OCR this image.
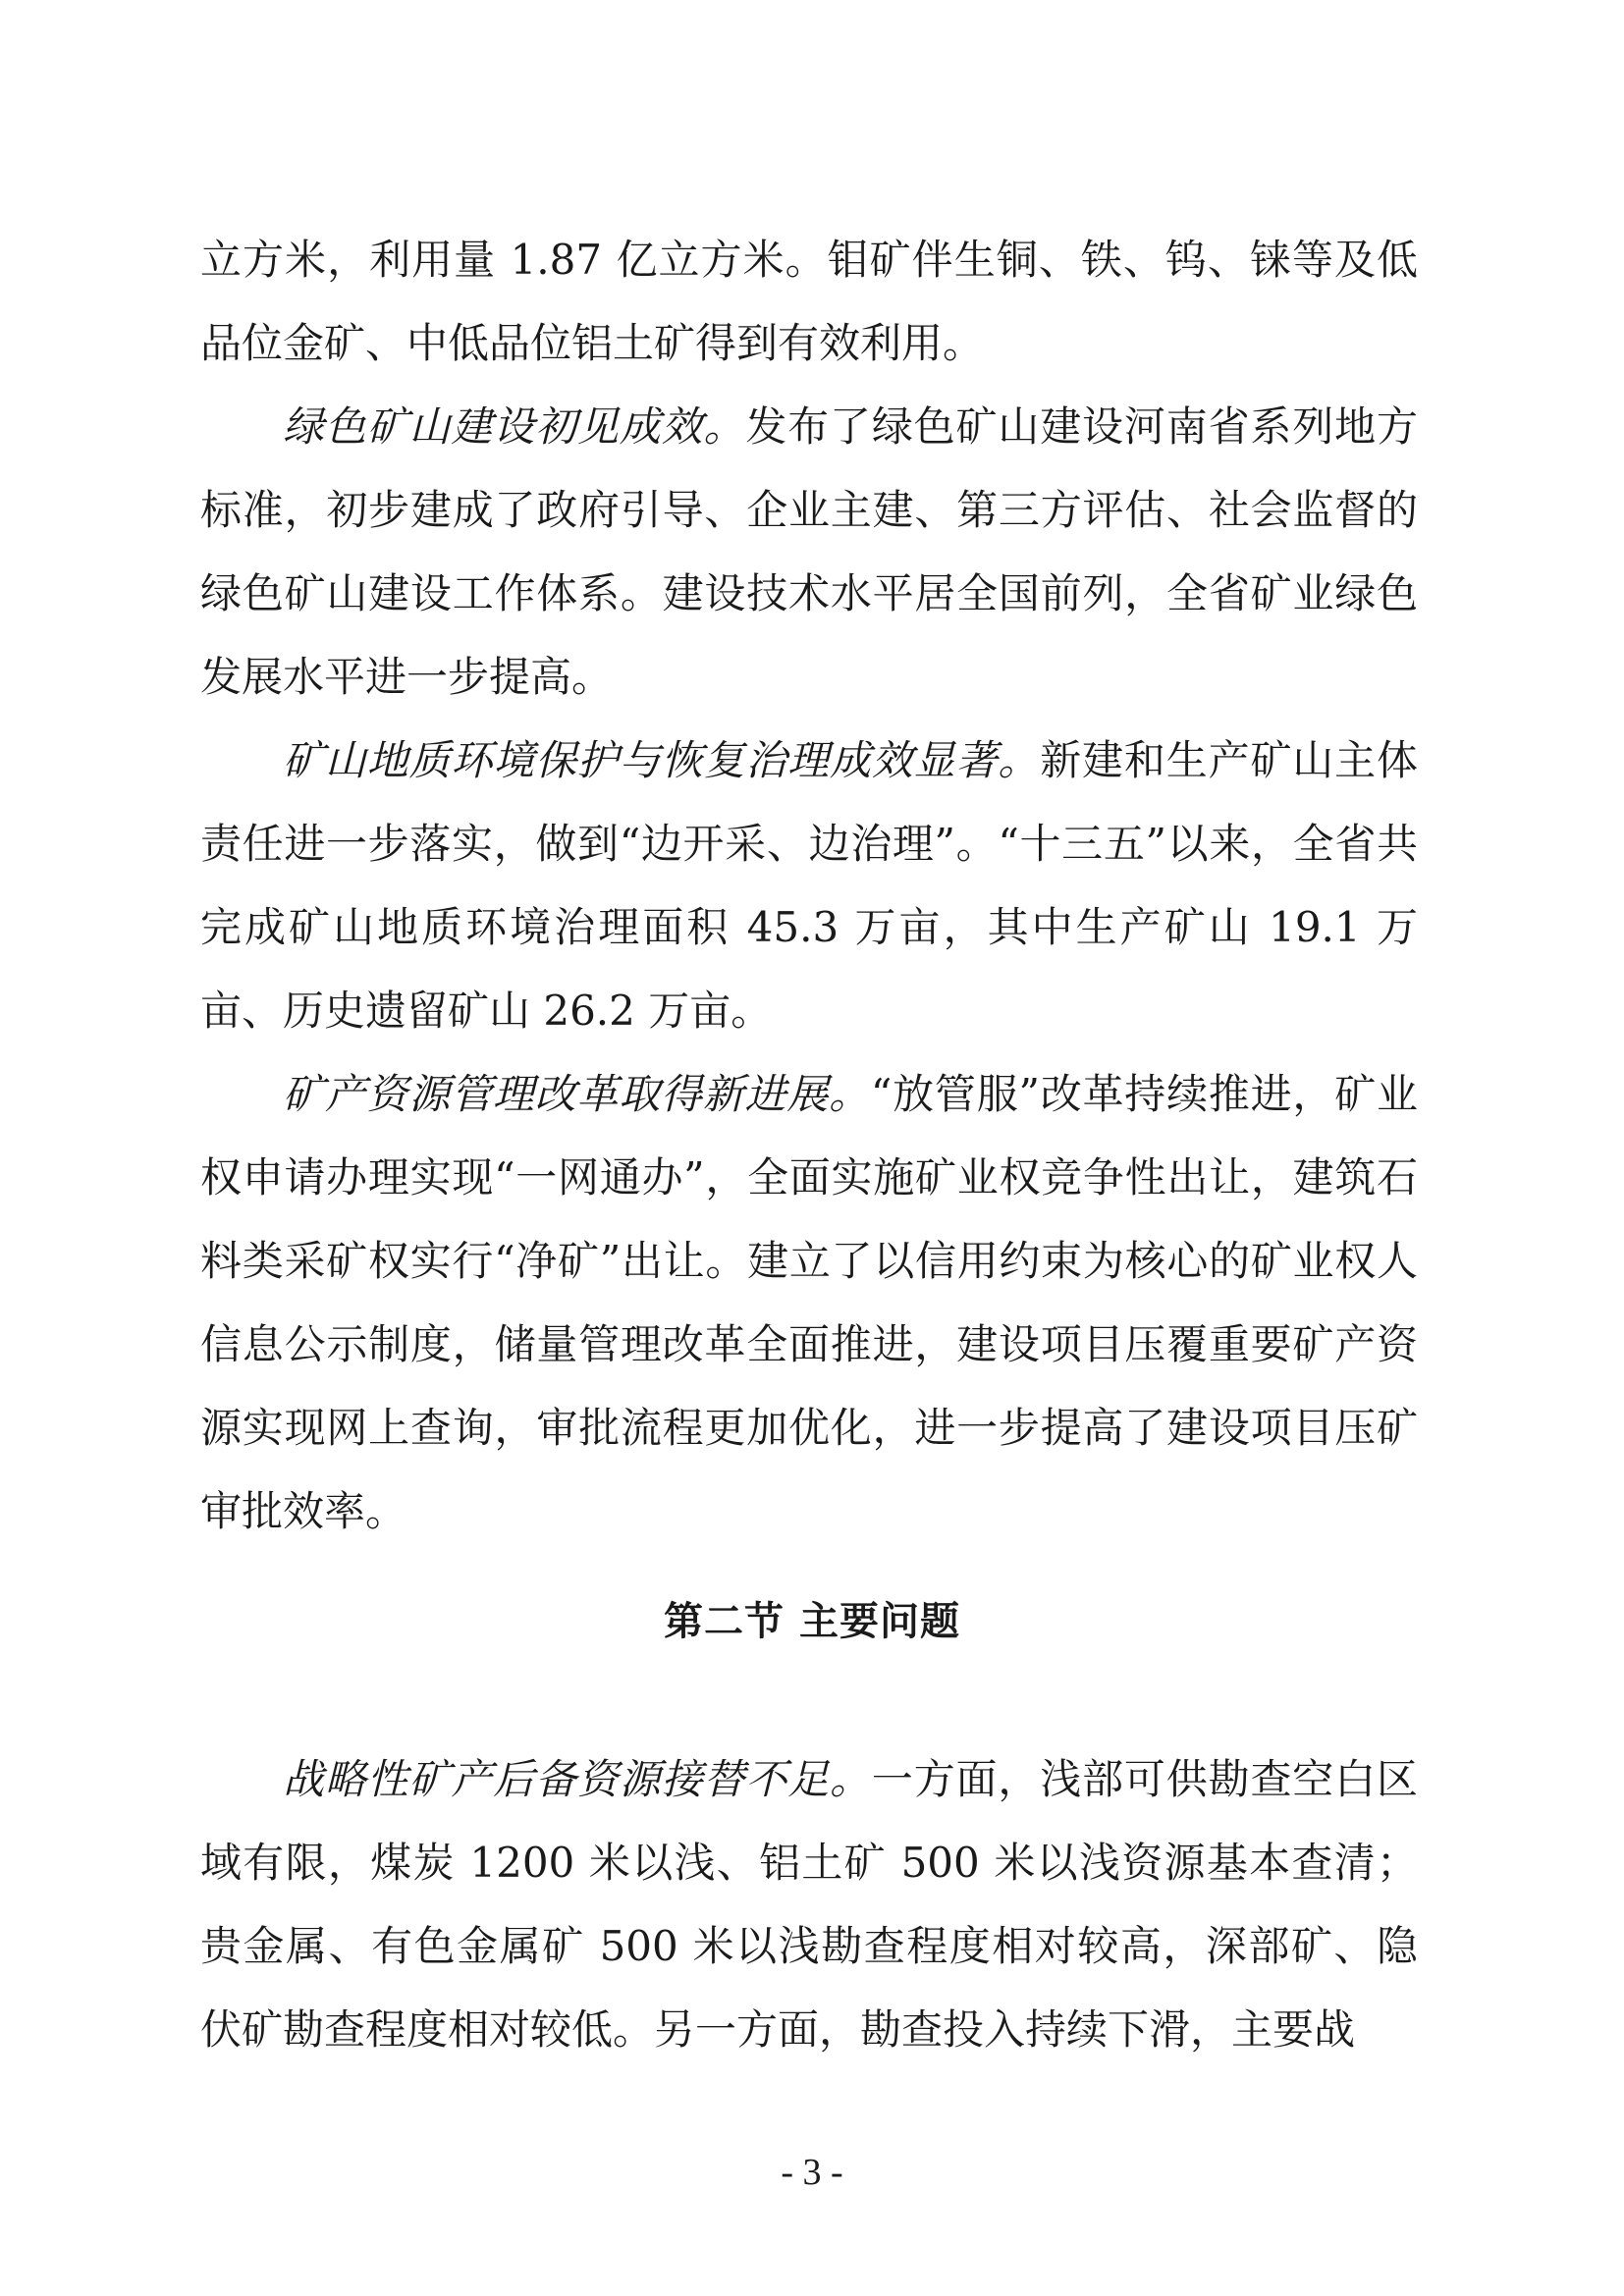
立方米，利用量 1.87 亿立方米。钼矿伴生铜、铁、钨、铼等及低品位金矿、中低品位铝土矿得到有效利用。

绿色矿山建设初见成效。发布了绿色矿山建设河南省系列地方标准，初步建成了政府引导、企业主建、第三方评估、社会监督的绿色矿山建设工作体系。建设技术水平居全国前列，全省矿业绿色发展水平进一步提高。

矿山地质环境保护与恢复治理成效显著。新建和生产矿山主体责任进一步落实，做到“边开采、边治理”。“十三五”以来，全省共完成矿山地质环境治理面积 45.3 万亩，其中生产矿山 19.1 万亩、历史遗留矿山 26.2 万亩。

矿产资源管理改革取得新进展。“放管服”改革持续推进，矿业权申请办理实现“一网通办”，全面实施矿业权竞争性出让，建筑石料类采矿权实行“净矿”出让。建立了以信用约束为核心的矿业权人信息公示制度，储量管理改革全面推进，建设项目压覆重要矿产资源实现网上查询，审批流程更加优化，进一步提高了建设项目压矿审批效率。

第二节 主要问题

战略性矿产后备资源接替不足。一方面，浅部可供勘查空白区域有限，煤炭 1200 米以浅、铝土矿 500 米以浅资源基本查清；贵金属、有色金属矿 500 米以浅勘查程度相对较高，深部矿、隐伏矿勘查程度相对较低。另一方面，勘查投入持续下滑，主要战

- 3 -
